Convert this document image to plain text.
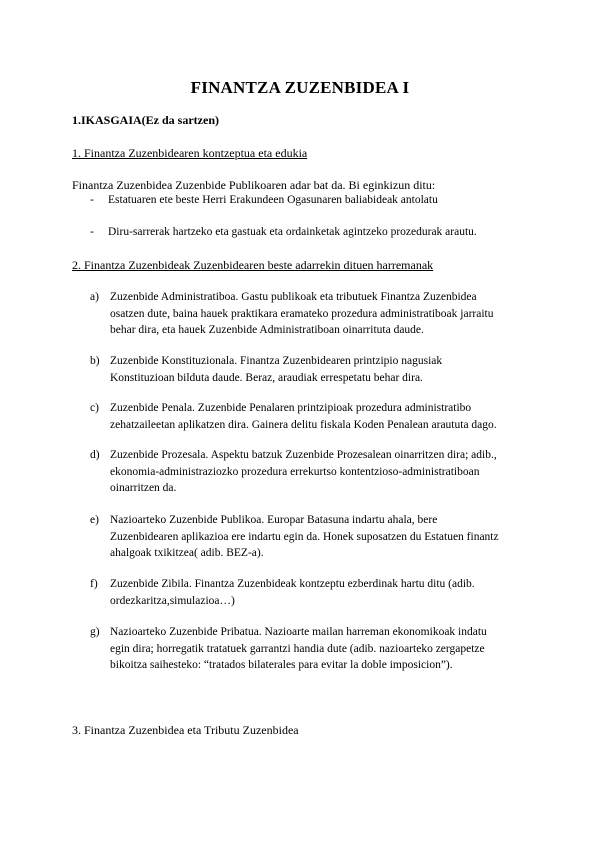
FINANTZA ZUZENBIDEA I
1.IKASGAIA(Ez da sartzen)
1. Finantza Zuzenbidearen kontzeptua eta edukia
Finantza Zuzenbidea Zuzenbide Publikoaren adar bat da. Bi eginkizun ditu:
- Estatuaren ete beste Herri Erakundeen Ogasunaren baliabideak antolatu
- Diru-sarrerak hartzeko eta gastuak eta ordainketak agintzeko prozedurak arautu.
2. Finantza Zuzenbideak Zuzenbidearen beste adarrekin dituen harremanak
a) Zuzenbide Administratiboa. Gastu publikoak eta tributuek Finantza Zuzenbidea
osatzen dute, baina hauek praktikara eramateko prozedura administratiboak jarraitu
behar dira, eta hauek Zuzenbide Administratiboan oinarrituta daude.
b) Zuzenbide Konstituzionala. Finantza Zuzenbidearen printzipio nagusiak
Konstituzioan bilduta daude. Beraz, araudiak errespetatu behar dira.
c) Zuzenbide Penala. Zuzenbide Penalaren printzipioak prozedura administratibo
zehatzaileetan aplikatzen dira. Gainera delitu fiskala Koden Penalean araututa dago.
d) Zuzenbide Prozesala. Aspektu batzuk Zuzenbide Prozesalean oinarritzen dira; adib.,
ekonomia-administraziozko prozedura errekurtso kontentzioso-administratiboan
oinarritzen da.
e) Nazioarteko Zuzenbide Publikoa. Europar Batasuna indartu ahala, bere
Zuzenbidearen aplikazioa ere indartu egin da. Honek suposatzen du Estatuen finantz
ahalgoak txikitzea( adib. BEZ-a).
f)	Zuzenbide Zibila. Finantza Zuzenbideak kontzeptu ezberdinak hartu ditu (adib.
ordezkaritza,simulazioa…)
g) Nazioarteko Zuzenbide Pribatua. Nazioarte mailan harreman ekonomikoak indatu
egin dira; horregatik tratatuek garrantzi handia dute (adib. nazioarteko zergapetze
bikoitza saihesteko: “tratados bilaterales para evitar la doble imposicion”).
3. Finantza Zuzenbidea eta Tributu Zuzenbidea
